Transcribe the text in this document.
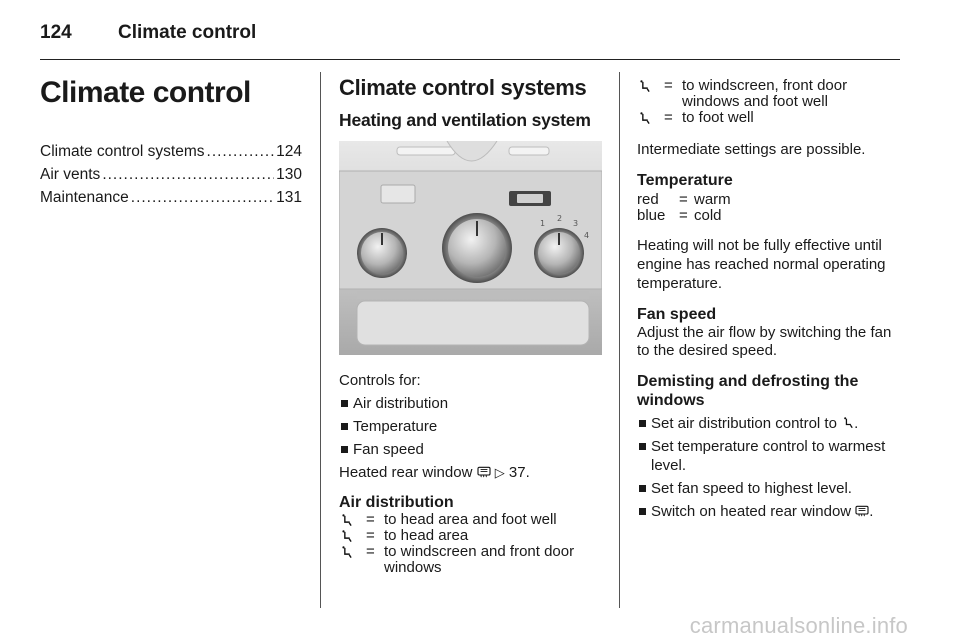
124 Climate control
Climate control
Climate control systems .....	124
Air vents .....	130
Maintenance .....	131
Climate control systems
Heating and ventilation system
1
2
3
4
Controls for:
Air distribution
Temperature
Fan speed
Heated rear window ▷ 37.
Air distribution
= to head area and foot well
= to head area
= to windscreen and front door windows
= to windscreen, front door windows and foot well
= to foot well
Intermediate settings are possible.
Temperature
red	= warm
blue = cold
Heating will not be fully effective until engine has reached normal operating temperature.
Fan speed
Adjust the air flow by switching the fan to the desired speed.
Demisting and defrosting the windows
Set air distribution control to .
Set temperature control to warmest level.
Set fan speed to highest level.
Switch on heated rear window .
carmanualsonline.info
